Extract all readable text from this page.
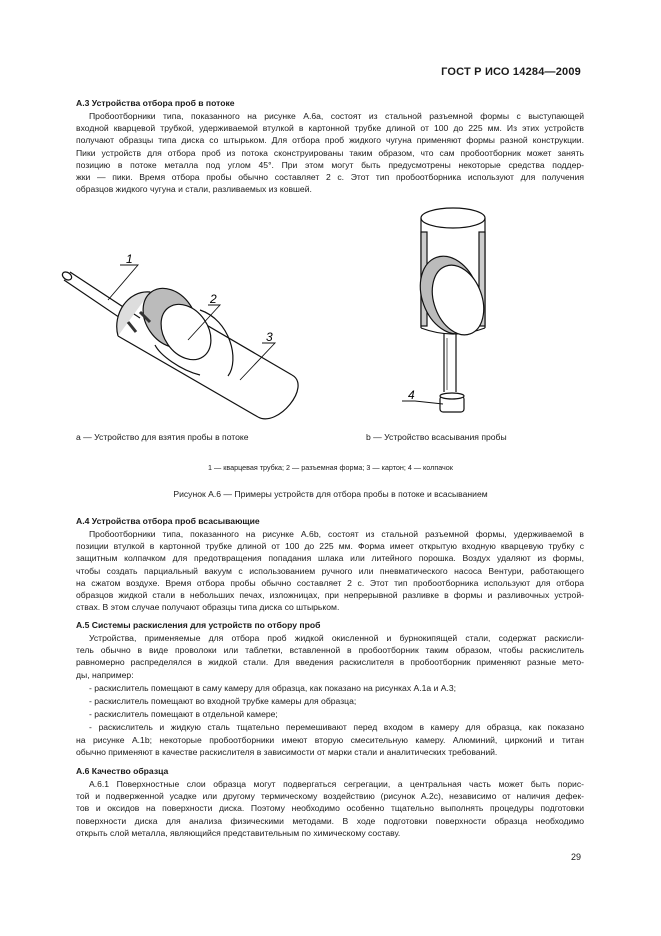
ГОСТ Р ИСО 14284—2009
А.3 Устройства отбора проб в потоке
Пробоотборники типа, показанного на рисунке А.6a, состоят из стальной разъемной формы с выступающей
входной кварцевой трубкой, удерживаемой втулкой в картонной трубке длиной от 100 до 225 мм. Из этих устройств
получают образцы типа диска со штырьком. Для отбора проб жидкого чугуна применяют формы разной конструкции.
Пики устройств для отбора проб из потока сконструированы таким образом, что сам пробоотборник может занять
позицию в потоке металла под углом 45°. При этом могут быть предусмотрены некоторые средства поддер-
жки — пики. Время отбора пробы обычно составляет 2 с. Этот тип пробоотборника используют для получения
образцов жидкого чугуна и стали, разливаемых из ковшей.
1
2
3
4
a — Устройство для взятия пробы в потоке	b — Устройство всасывания пробы
1 — кварцевая трубка; 2 — разъемная форма; 3 — картон; 4 — колпачок
Рисунок А.6 — Примеры устройств для отбора пробы в потоке и всасыванием
А.4 Устройства отбора проб всасывающие
Пробоотборники типа, показанного на рисунке А.6b, состоят из стальной разъемной формы, удерживаемой в
позиции втулкой в картонной трубке длиной от 100 до 225 мм. Форма имеет открытую входную кварцевую трубку с
защитным колпачком для предотвращения попадания шлака или литейного порошка. Воздух удаляют из формы,
чтобы создать парциальный вакуум с использованием ручного или пневматического насоса Вентури, работающего
на сжатом воздухе. Время отбора пробы обычно составляет 2 с. Этот тип пробоотборника используют для отбора
образцов жидкой стали в небольших печах, изложницах, при непрерывной разливке в формы и разливочных устрой-
ствах. В этом случае получают образцы типа диска со штырьком.
А.5 Системы раскисления для устройств по отбору проб
Устройства, применяемые для отбора проб жидкой окисленной и бурнокипящей стали, содержат раскисли-
тель обычно в виде проволоки или таблетки, вставленной в пробоотборник таким образом, чтобы раскислитель
равномерно распределялся в жидкой стали. Для введения раскислителя в пробоотборник применяют разные мето-
ды, например:
- раскислитель помещают в саму камеру для образца, как показано на рисунках А.1a и А.3;
- раскислитель помещают во входной трубке камеры для образца;
- раскислитель помещают в отдельной камере;
- раскислитель и жидкую сталь тщательно перемешивают перед входом в камеру для образца, как показано
на рисунке А.1b; некоторые пробоотборники имеют вторую смесительную камеру. Алюминий, цирконий и титан
обычно применяют в качестве раскислителя в зависимости от марки стали и аналитических требований.
А.6 Качество образца
А.6.1 Поверхностные слои образца могут подвергаться сегрегации, а центральная часть может быть порис-
той и подверженной усадке или другому термическому воздействию (рисунок А.2c), независимо от наличия дефек-
тов и оксидов на поверхности диска. Поэтому необходимо особенно тщательно выполнять процедуры подготовки
поверхности диска для анализа физическими методами. В ходе подготовки поверхности образца необходимо
открыть слой металла, являющийся представительным по химическому составу.
29
